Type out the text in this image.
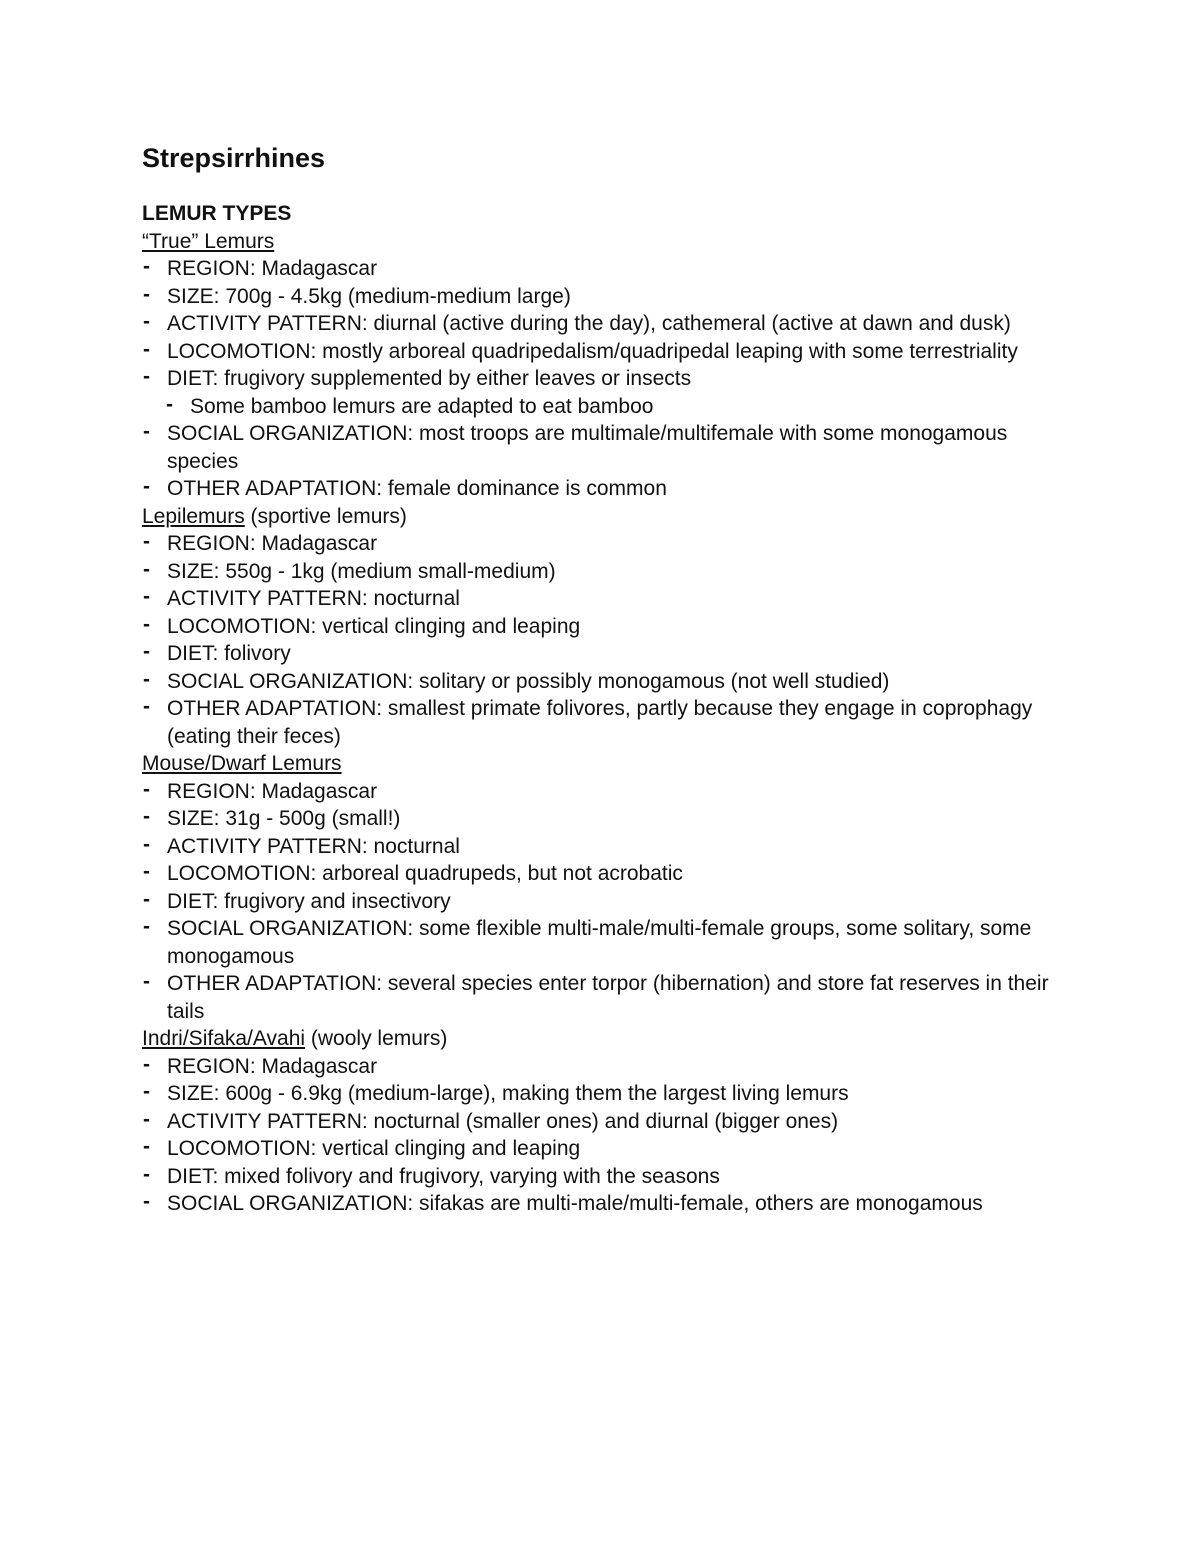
Strepsirrhines
LEMUR TYPES
“True” Lemurs
- REGION: Madagascar
- SIZE: 700g - 4.5kg (medium-medium large)
- ACTIVITY PATTERN: diurnal (active during the day), cathemeral (active at dawn and dusk)
- LOCOMOTION: mostly arboreal quadripedalism/quadripedal leaping with some terrestriality
- DIET: frugivory supplemented by either leaves or insects
- Some bamboo lemurs are adapted to eat bamboo
- SOCIAL ORGANIZATION: most troops are multimale/multifemale with some monogamous species
- OTHER ADAPTATION: female dominance is common
Lepilemurs (sportive lemurs)
- REGION: Madagascar
- SIZE: 550g - 1kg (medium small-medium)
- ACTIVITY PATTERN: nocturnal
- LOCOMOTION: vertical clinging and leaping
- DIET: folivory
- SOCIAL ORGANIZATION: solitary or possibly monogamous (not well studied)
- OTHER ADAPTATION: smallest primate folivores, partly because they engage in coprophagy (eating their feces)
Mouse/Dwarf Lemurs
- REGION: Madagascar
- SIZE: 31g - 500g (small!)
- ACTIVITY PATTERN: nocturnal
- LOCOMOTION: arboreal quadrupeds, but not acrobatic
- DIET: frugivory and insectivory
- SOCIAL ORGANIZATION: some flexible multi-male/multi-female groups, some solitary, some monogamous
- OTHER ADAPTATION: several species enter torpor (hibernation) and store fat reserves in their tails
Indri/Sifaka/Avahi (wooly lemurs)
- REGION: Madagascar
- SIZE: 600g - 6.9kg (medium-large), making them the largest living lemurs
- ACTIVITY PATTERN: nocturnal (smaller ones) and diurnal (bigger ones)
- LOCOMOTION: vertical clinging and leaping
- DIET: mixed folivory and frugivory, varying with the seasons
- SOCIAL ORGANIZATION: sifakas are multi-male/multi-female, others are monogamous
